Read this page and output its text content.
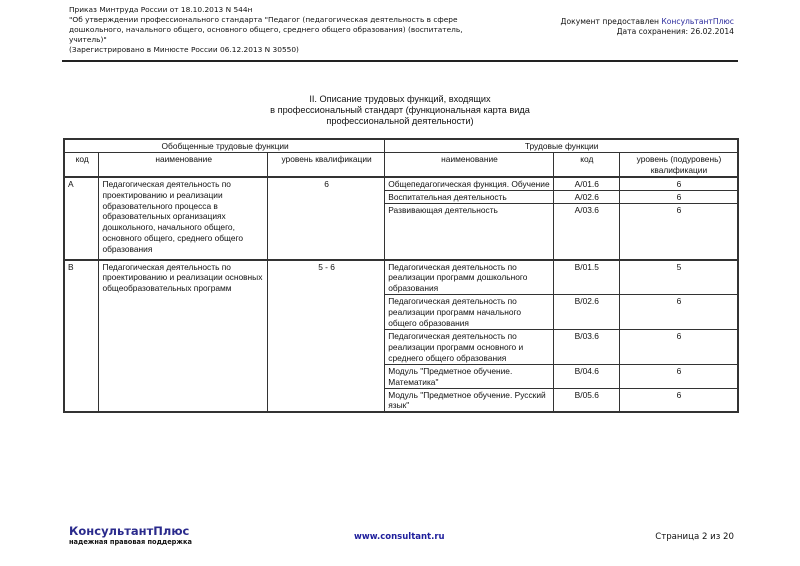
Приказ Минтруда России от 18.10.2013 N 544н
"Об утверждении профессионального стандарта "Педагог (педагогическая деятельность в сфере
дошкольного, начального общего, основного общего, среднего общего образования) (воспитатель,
учитель)"
(Зарегистрировано в Минюсте России 06.12.2013 N 30550)
Документ предоставлен КонсультантПлюс
Дата сохранения: 26.02.2014
II. Описание трудовых функций, входящих
в профессиональный стандарт (функциональная карта вида
профессиональной деятельности)
Обобщенные трудовые функции			Трудовые функции		
код	наименование	уровень квалификации	наименование	код	уровень (подуровень) квалификации
A	Педагогическая деятельность по проектированию и реализации образовательного процесса в образовательных организациях дошкольного, начального общего, основного общего, среднего общего образования	6	Общепедагогическая функция. Обучение	A/01.6	6
			Воспитательная деятельность	A/02.6	6
			Развивающая деятельность	A/03.6	6
B	Педагогическая деятельность по проектированию и реализации основных общеобразовательных программ	5 - 6	Педагогическая деятельность по реализации программ дошкольного образования	B/01.5	5
			Педагогическая деятельность по реализации программ начального общего образования	B/02.6	6
			Педагогическая деятельность по реализации программ основного и среднего общего образования	B/03.6	6
			Модуль "Предметное обучение. Математика"	B/04.6	6
			Модуль "Предметное обучение. Русский язык"	B/05.6	6
КонсультантПлюс
надежная правовая поддержка	www.consultant.ru	Страница 2 из 20
